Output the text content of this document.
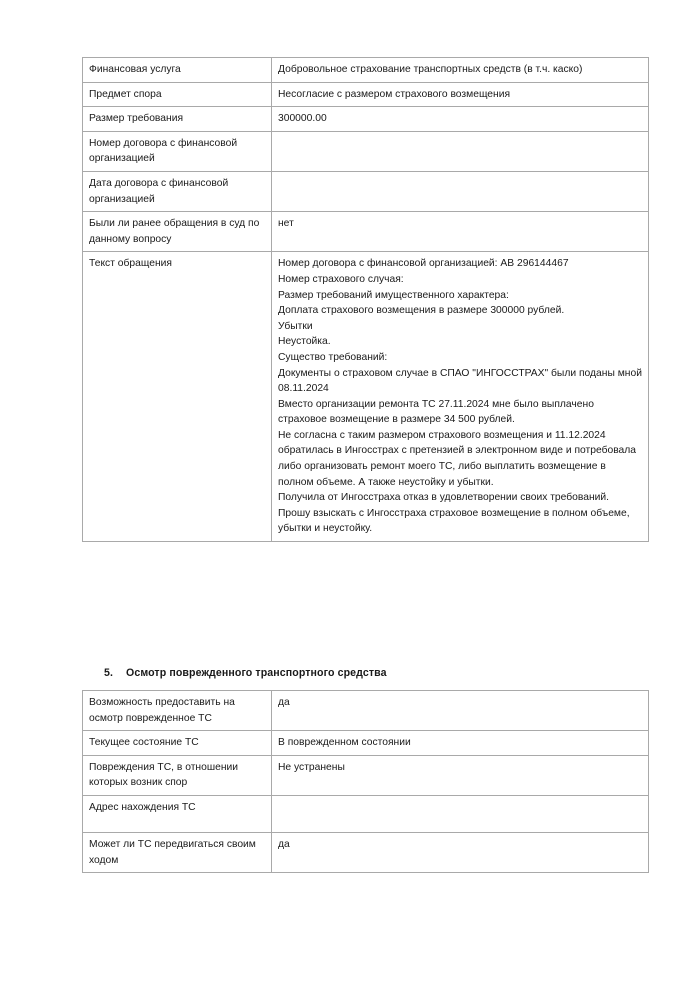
Финансовая услуга	Добровольное страхование транспортных средств (в т.ч. каско)
Предмет спора	Несогласие с размером страхового возмещения
Размер требования	300000.00
Номер договора с финансовой организацией	
Дата договора с финансовой организацией	
Были ли ранее обращения в суд по данному вопросу	нет
Текст обращения	Номер договора с финансовой организацией: АВ 296144467

Номер страхового случая:

Размер требований имущественного характера:

Доплата страхового возмещения в размере 300000 рублей.

Убытки

Неустойка.

Существо требований:

Документы о страховом случае в СПАО "ИНГОССТРАХ" были поданы мной 08.11.2024

Вместо организации ремонта ТС 27.11.2024 мне было выплачено страховое возмещение в размере 34 500 рублей.

Не согласна с таким размером страхового возмещения и 11.12.2024 обратилась в Ингосстрах с претензией в электронном виде и потребовала либо организовать ремонт моего ТС, либо выплатить возмещение в полном объеме. А также неустойку и убытки.

Получила от Ингосстраха отказ в удовлетворении своих требований.

Прошу взыскать с Ингосстраха страховое возмещение в полном объеме, убытки и неустойку.

5. Осмотр поврежденного транспортного средства
Возможность предоставить на осмотр поврежденное ТС	да
Текущее состояние ТС	В поврежденном состоянии
Повреждения ТС, в отношении которых возник спор	Не устранены
Адрес нахождения ТС	
Может ли ТС передвигаться своим ходом	да
